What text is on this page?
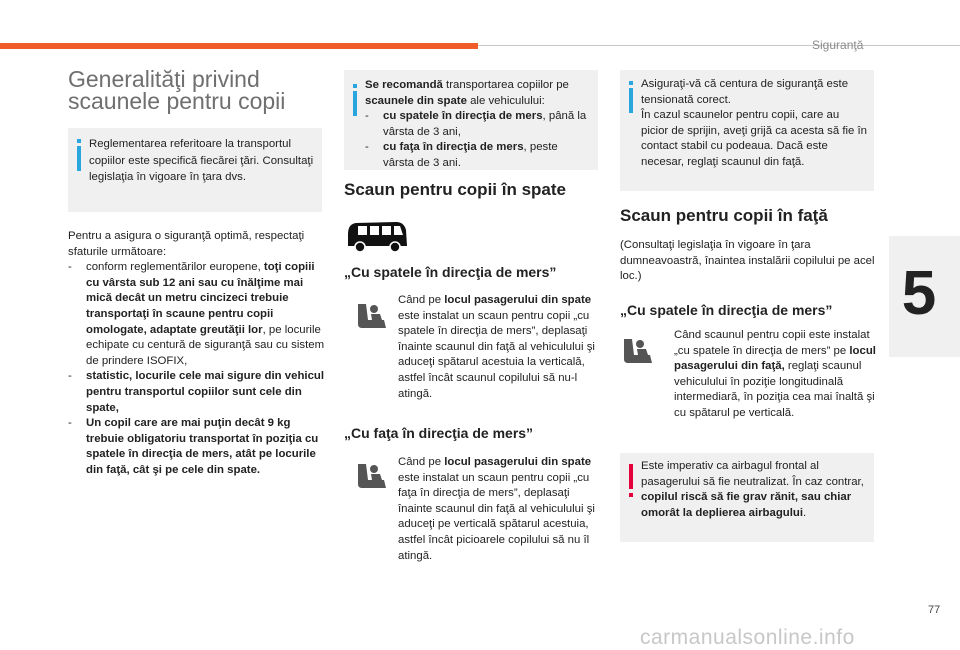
Siguranţă
5
77
carmanualsonline.info
Generalităţi privind
scaunele pentru copii
Reglementarea referitoare la transportul copiilor este specifică fiecărei ţări. Consultaţi legislaţia în vigoare în ţara dvs.
Pentru a asigura o siguranţă optimă, respectaţi sfaturile următoare:
- conform reglementărilor europene, toţi copiii cu vârsta sub 12 ani sau cu înălţime mai mică decât un metru cincizeci trebuie transportaţi în scaune pentru copii omologate, adaptate greutăţii lor, pe locurile echipate cu centură de siguranţă sau cu sistem de prindere ISOFIX,
- statistic, locurile cele mai sigure din vehicul pentru transportul copiilor sunt cele din spate,
- Un copil care are mai puţin decât 9 kg trebuie obligatoriu transportat în poziţia cu spatele în direcţia de mers, atât pe locurile din faţă, cât şi pe cele din spate.
Se recomandă transportarea copiilor pe scaunele din spate ale vehiculului:
- cu spatele în direcţia de mers, până la vârsta de 3 ani,
- cu faţa în direcţia de mers, peste vârsta de 3 ani.
Scaun pentru copii în spate
„Cu spatele în direcţia de mers”
Când pe locul pasagerului din spate este instalat un scaun pentru copii „cu spatele în direcţia de mers”, deplasaţi înainte scaunul din faţă al vehiculului şi aduceţi spătarul acestuia la verticală, astfel încât scaunul copilului să nu-l atingă.
„Cu faţa în direcţia de mers”
Când pe locul pasagerului din spate este instalat un scaun pentru copii „cu faţa în direcţia de mers”, deplasaţi înainte scaunul din faţă al vehiculului şi aduceţi pe verticală spătarul acestuia, astfel încât picioarele copilului să nu îl atingă.
Asiguraţi-vă că centura de siguranţă este tensionată corect.
În cazul scaunelor pentru copii, care au picior de sprijin, aveţi grijă ca acesta să fie în contact stabil cu podeaua. Dacă este necesar, reglaţi scaunul din faţă.
Scaun pentru copii în faţă
(Consultaţi legislaţia în vigoare în ţara dumneavoastră, înaintea instalării copilului pe acel loc.)
„Cu spatele în direcţia de mers”
Când scaunul pentru copii este instalat „cu spatele în direcţia de mers” pe locul pasagerului din faţă, reglaţi scaunul vehiculului în poziţie longitudinală intermediară, în poziţia cea mai înaltă şi cu spătarul pe verticală.
Este imperativ ca airbagul frontal al pasagerului să fie neutralizat. În caz contrar, copilul riscă să fie grav rănit, sau chiar omorât la deplierea airbagului.
